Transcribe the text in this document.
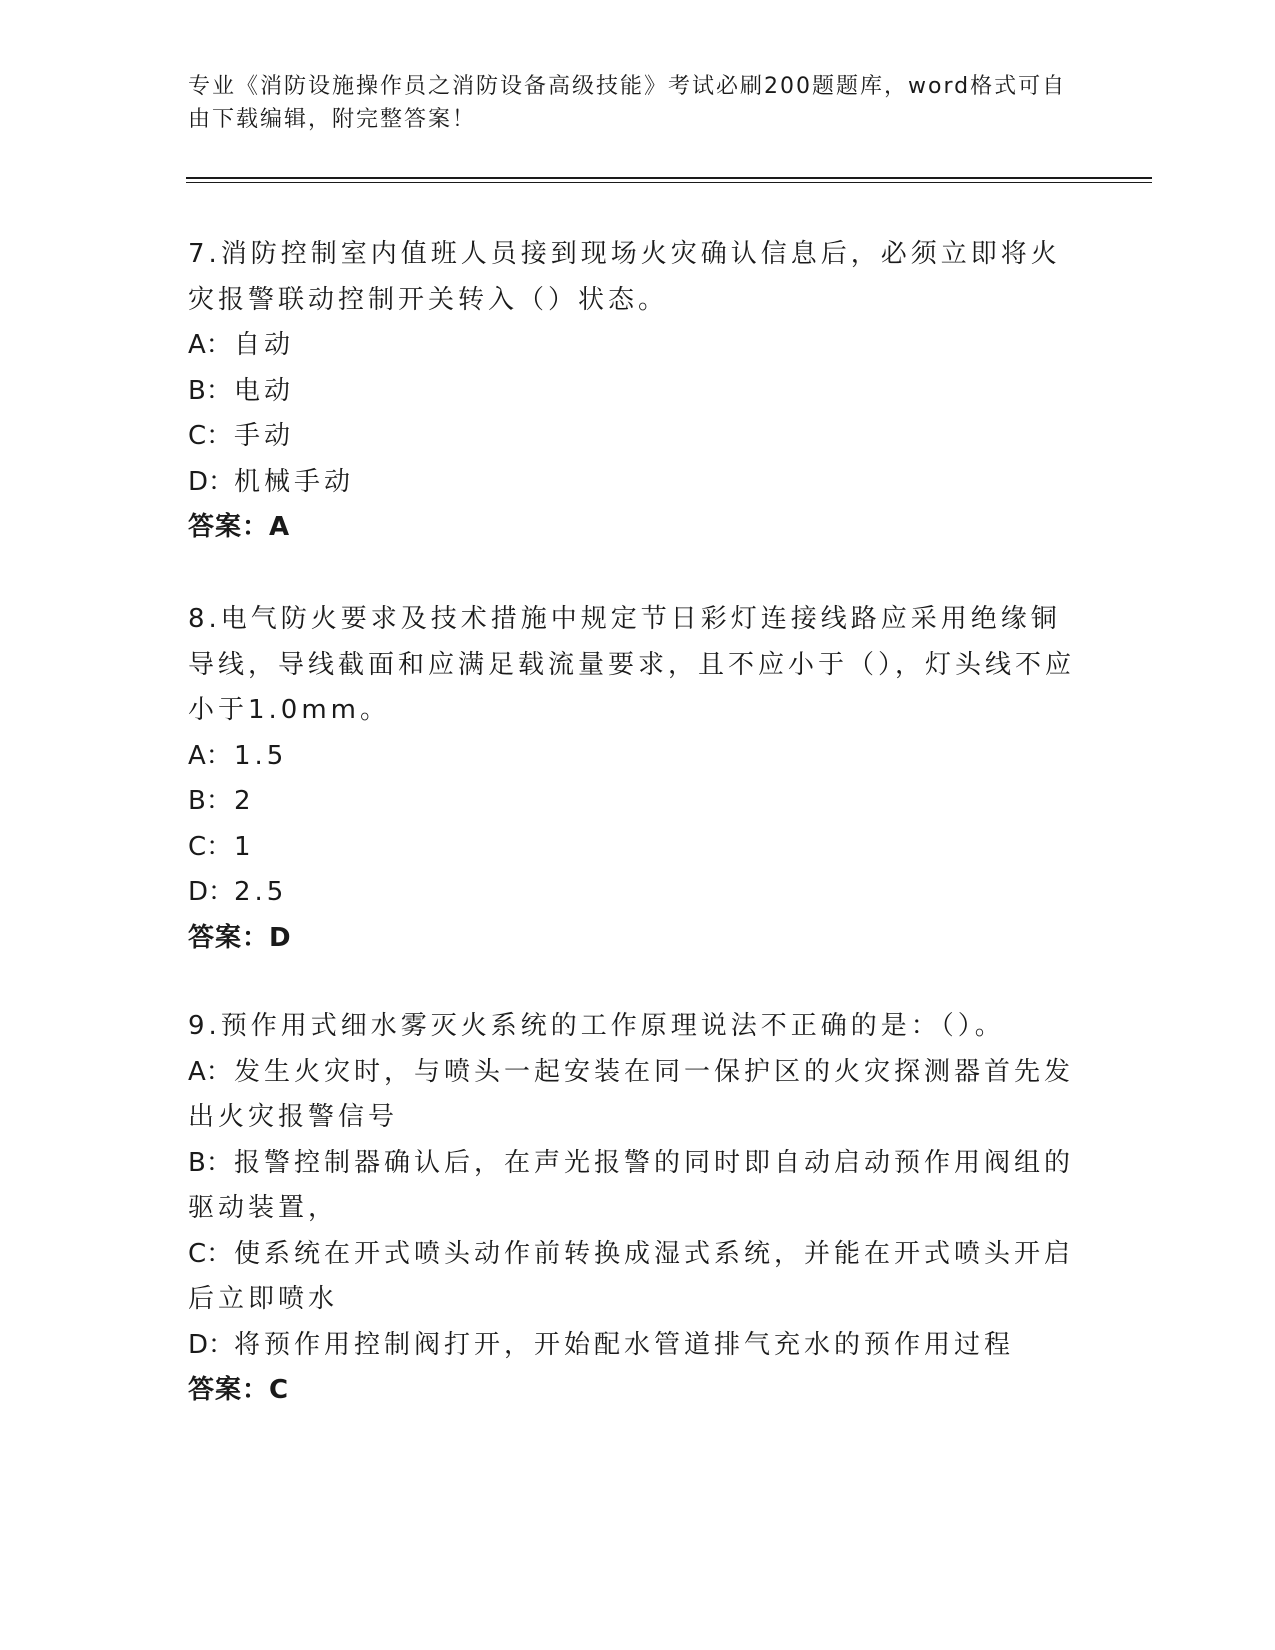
专业《消防设施操作员之消防设备高级技能》考试必刷200题题库，word格式可自由下载编辑，附完整答案！

7.消防控制室内值班人员接到现场火灾确认信息后，必须立即将火灾报警联动控制开关转入（）状态。

A：自动

B：电动

C：手动

D：机械手动

答案：A

8.电气防火要求及技术措施中规定节日彩灯连接线路应采用绝缘铜导线，导线截面和应满足载流量要求，且不应小于（），灯头线不应小于1.0mm。

A：1.5

B：2

C：1

D：2.5

答案：D

9.预作用式细水雾灭火系统的工作原理说法不正确的是：（）。

A：发生火灾时，与喷头一起安装在同一保护区的火灾探测器首先发出火灾报警信号

B：报警控制器确认后，在声光报警的同时即自动启动预作用阀组的驱动装置，

C：使系统在开式喷头动作前转换成湿式系统，并能在开式喷头开启后立即喷水

D：将预作用控制阀打开，开始配水管道排气充水的预作用过程

答案：C
